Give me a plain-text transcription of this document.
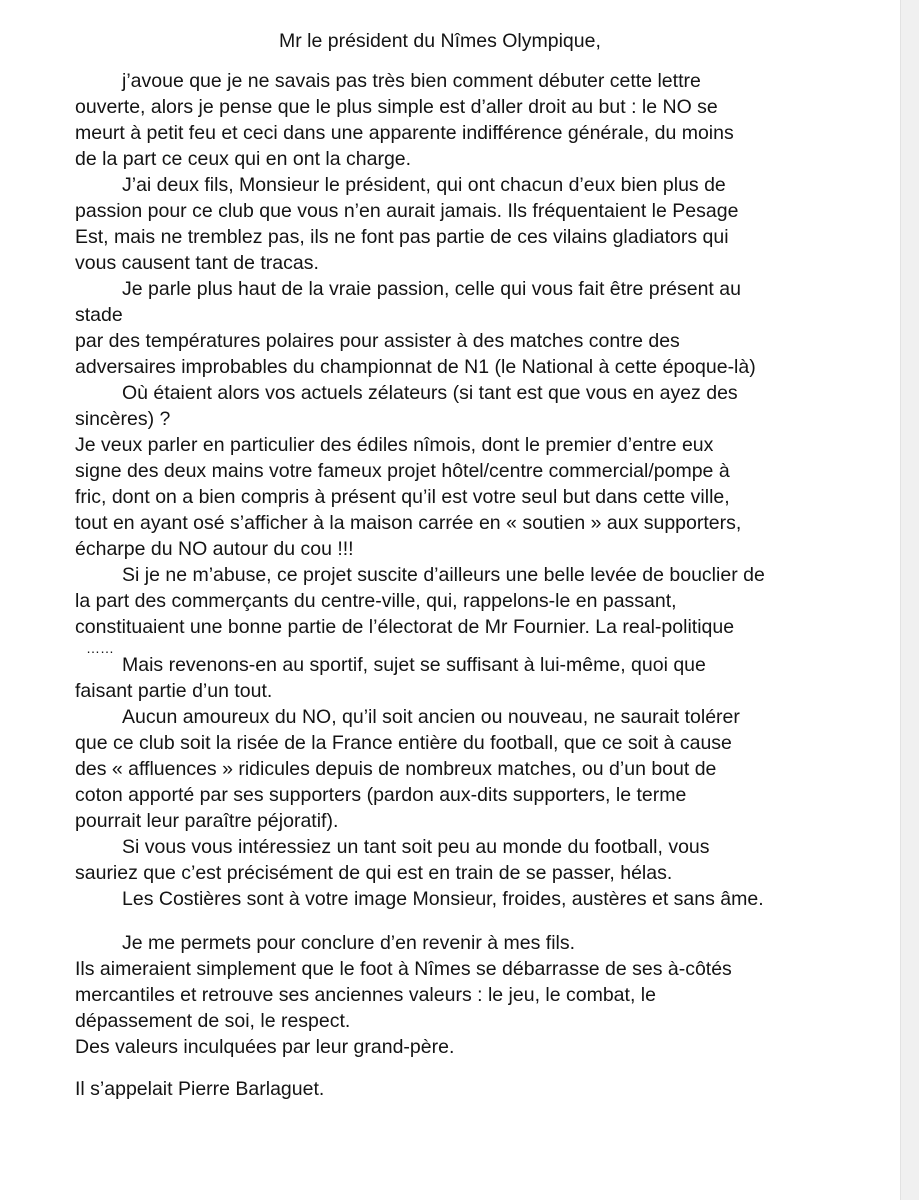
Mr le président du Nîmes Olympique,

j’avoue que je ne savais pas très bien comment débuter cette lettre

ouverte, alors je pense que le plus simple est d’aller droit au but : le NO se

meurt à petit feu et ceci dans une apparente indifférence générale, du moins

de la part ce ceux qui en ont la charge.

J’ai deux fils, Monsieur le président, qui ont chacun d’eux bien plus de

passion pour ce club que vous n’en aurait jamais. Ils fréquentaient le Pesage

Est, mais ne tremblez pas, ils ne font pas partie de ces vilains gladiators qui

vous causent tant de tracas.

Je parle plus haut de la vraie passion, celle qui vous fait être présent au

stade

par des températures polaires pour assister à des matches contre des

adversaires improbables du championnat de N1 (le National à cette époque-là)

Où étaient alors vos actuels zélateurs (si tant est que vous en ayez des

sincères) ?

Je veux parler en particulier des édiles nîmois, dont le premier d’entre eux

signe des deux mains votre fameux projet hôtel/centre commercial/pompe à

fric, dont on a bien compris à présent qu’il est votre seul but dans cette ville,

tout en ayant osé s’afficher à la maison carrée en « soutien » aux supporters,

écharpe du NO autour du cou !!!

Si je ne m’abuse, ce projet suscite d’ailleurs une belle levée de bouclier de

la part des commerçants du centre-ville, qui, rappelons-le en passant,

constituaient une bonne partie de l’électorat de Mr Fournier. La real-politique

……

Mais revenons-en au sportif, sujet se suffisant à lui-même, quoi que

faisant partie d’un tout.

Aucun amoureux du NO, qu’il soit ancien ou nouveau, ne saurait tolérer

que ce club soit la risée de la France entière du football, que ce soit à cause

des « affluences » ridicules depuis de nombreux matches, ou d’un bout de

coton apporté par ses supporters (pardon aux-dits supporters, le terme

pourrait leur paraître péjoratif).

Si vous vous intéressiez un tant soit peu au monde du football, vous

sauriez que c’est précisément de qui est en train de se passer, hélas.

Les Costières sont à votre image Monsieur, froides, austères et sans âme.

Je me permets pour conclure d’en revenir à mes fils.

Ils aimeraient simplement que le foot à Nîmes se débarrasse de ses à-côtés

mercantiles et retrouve ses anciennes valeurs : le jeu, le combat, le

dépassement de soi, le respect.

Des valeurs inculquées par leur grand-père.

Il s’appelait Pierre Barlaguet.
